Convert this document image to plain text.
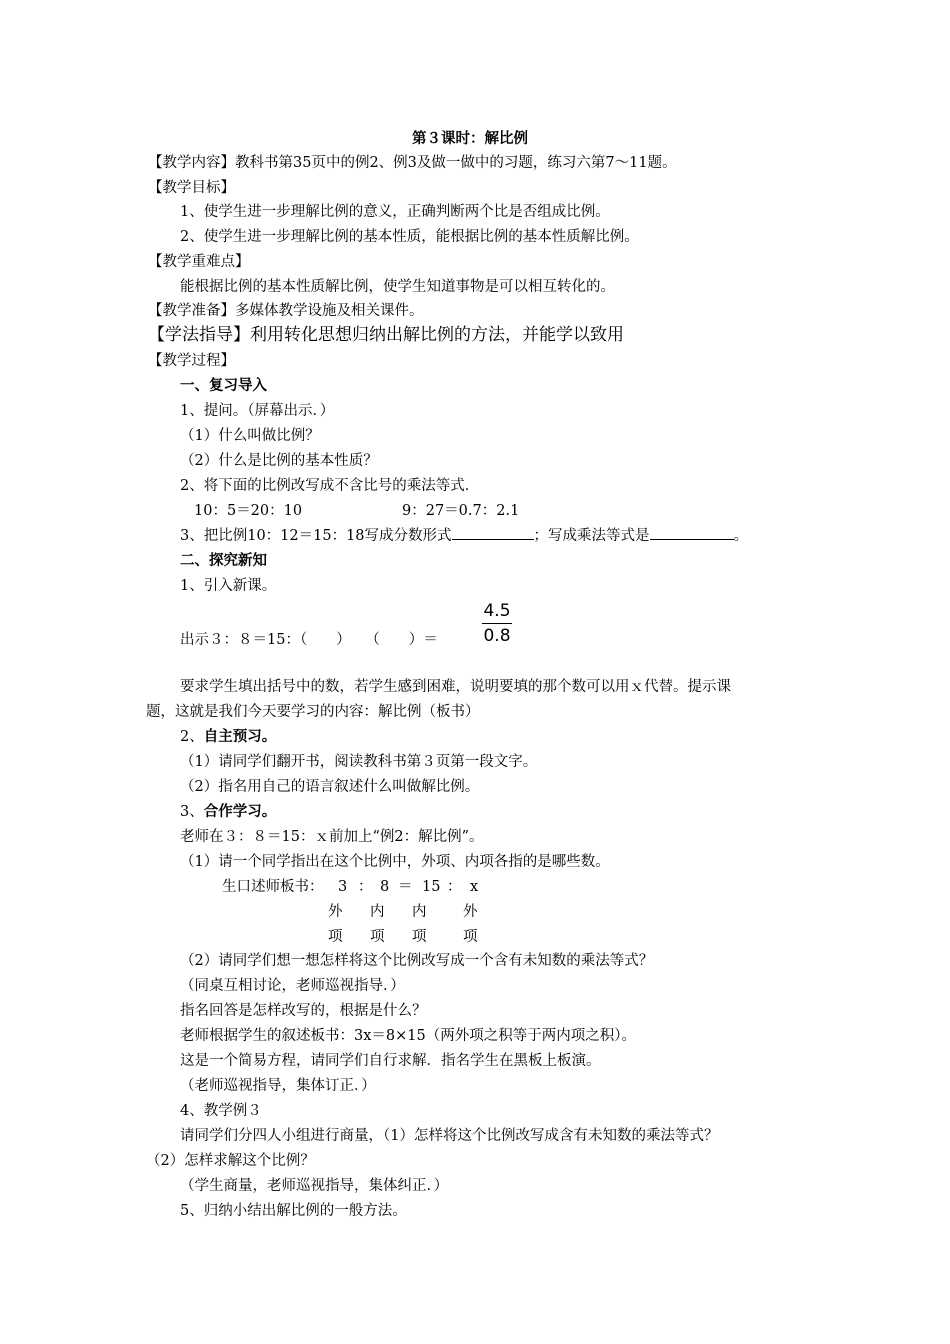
第３课时：解比例
【教学内容】教科书第35页中的例2、例3及做一做中的习题，练习六第7～11题。
【教学目标】
1、使学生进一步理解比例的意义，正确判断两个比是否组成比例。
2、使学生进一步理解比例的基本性质，能根据比例的基本性质解比例。
【教学重难点】
能根据比例的基本性质解比例，使学生知道事物是可以相互转化的。
【教学准备】多媒体教学设施及相关课件。
【学法指导】利用转化思想归纳出解比例的方法，并能学以致用
【教学过程】
一、复习导入
1、提问。（屏幕出示．）
（1）什么叫做比例？
（2）什么是比例的基本性质？
2、将下面的比例改写成不含比号的乘法等式．
10：5＝20：10	9：27＝0.7：2.1
3、把比例10：12＝15：18写成分数形式	；写成乘法等式是	。
二、探究新知
1、引入新课。
出示３：８＝15：（　　）　　（　　）＝
4.5
0.8
要求学生填出括号中的数，若学生感到困难，说明要填的那个数可以用ｘ代替。提示课
题，这就是我们今天要学习的内容：解比例（板书）
2、自主预习。
（1）请同学们翻开书，阅读教科书第３页第一段文字。
（2）指名用自己的语言叙述什么叫做解比例。
3、合作学习。
老师在３：８＝15：ｘ前加上“例2：解比例”。
（1）请一个同学指出在这个比例中，外项、内项各指的是哪些数。
生口述师板书： 3 ： 8 ＝ 15 ： x
外 内 内	外
项 项 项	项
（2）请同学们想一想怎样将这个比例改写成一个含有未知数的乘法等式？
（同桌互相讨论，老师巡视指导．）
指名回答是怎样改写的，根据是什么？
老师根据学生的叙述板书：3x＝8×15（两外项之积等于两内项之积）。
这是一个简易方程，请同学们自行求解．指名学生在黑板上板演。
（老师巡视指导，集体订正．）
4、教学例３
请同学们分四人小组进行商量，（1）怎样将这个比例改写成含有未知数的乘法等式？
（2）怎样求解这个比例？
（学生商量，老师巡视指导，集体纠正．）
5、归纳小结出解比例的一般方法。
